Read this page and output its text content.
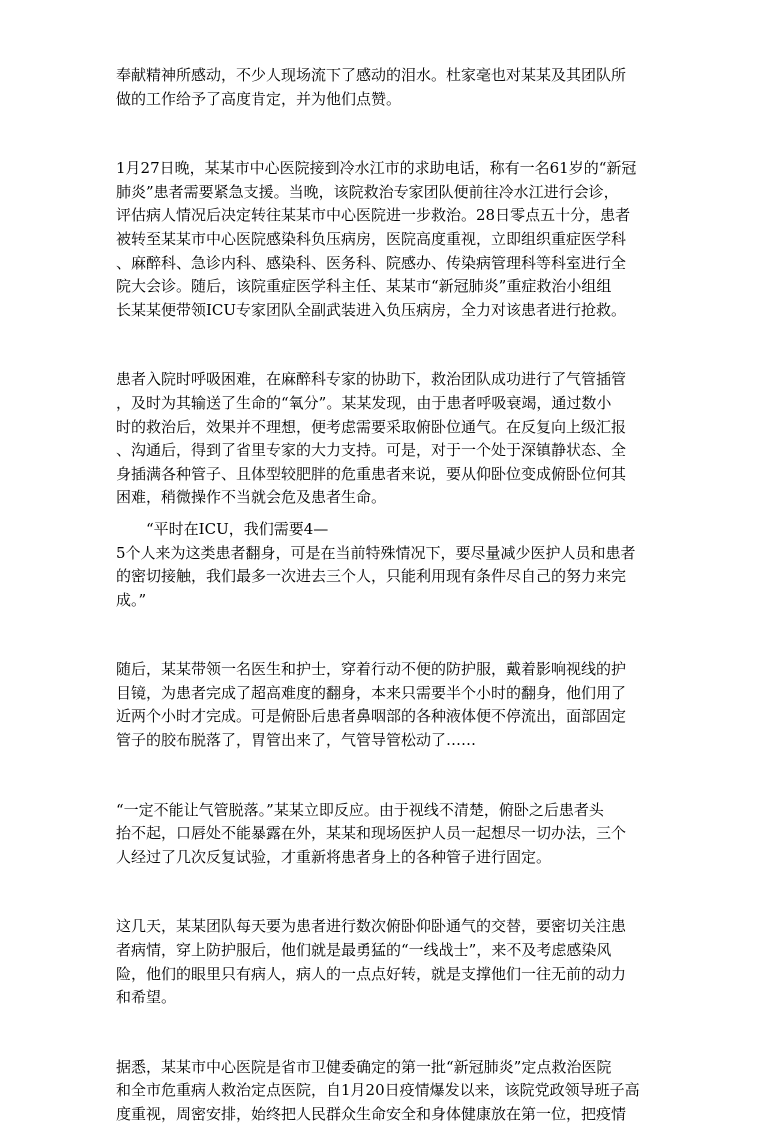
奉献精神所感动，不少人现场流下了感动的泪水。杜家毫也对某某及其团队所
做的工作给予了高度肯定，并为他们点赞。

1月27日晚，某某市中心医院接到冷水江市的求助电话，称有一名61岁的“新冠
肺炎”患者需要紧急支援。当晚，该院救治专家团队便前往冷水江进行会诊，
评估病人情况后决定转往某某市中心医院进一步救治。28日零点五十分，患者
被转至某某市中心医院感染科负压病房，医院高度重视，立即组织重症医学科
、麻醉科、急诊内科、感染科、医务科、院感办、传染病管理科等科室进行全
院大会诊。随后，该院重症医学科主任、某某市“新冠肺炎”重症救治小组组
长某某便带领ICU专家团队全副武装进入负压病房，全力对该患者进行抢救。

患者入院时呼吸困难，在麻醉科专家的协助下，救治团队成功进行了气管插管
，及时为其输送了生命的“氧分”。某某发现，由于患者呼吸衰竭，通过数小
时的救治后，效果并不理想，便考虑需要采取俯卧位通气。在反复向上级汇报
、沟通后，得到了省里专家的大力支持。可是，对于一个处于深镇静状态、全
身插满各种管子、且体型较肥胖的危重患者来说，要从仰卧位变成俯卧位何其
困难，稍微操作不当就会危及患者生命。

“平时在ICU，我们需要4—
5个人来为这类患者翻身，可是在当前特殊情况下，要尽量减少医护人员和患者
的密切接触，我们最多一次进去三个人，只能利用现有条件尽自己的努力来完
成。”

随后，某某带领一名医生和护士，穿着行动不便的防护服，戴着影响视线的护
目镜，为患者完成了超高难度的翻身，本来只需要半个小时的翻身，他们用了
近两个小时才完成。可是俯卧后患者鼻咽部的各种液体便不停流出，面部固定
管子的胶布脱落了，胃管出来了，气管导管松动了……

“一定不能让气管脱落。”某某立即反应。由于视线不清楚，俯卧之后患者头
抬不起，口唇处不能暴露在外，某某和现场医护人员一起想尽一切办法，三个
人经过了几次反复试验，才重新将患者身上的各种管子进行固定。

这几天，某某团队每天要为患者进行数次俯卧仰卧通气的交替，要密切关注患
者病情，穿上防护服后，他们就是最勇猛的“一线战士”，来不及考虑感染风
险，他们的眼里只有病人，病人的一点点好转，就是支撑他们一往无前的动力
和希望。

据悉，某某市中心医院是省市卫健委确定的第一批“新冠肺炎”定点救治医院
和全市危重病人救治定点医院，自1月20日疫情爆发以来，该院党政领导班子高
度重视，周密安排，始终把人民群众生命安全和身体健康放在第一位，把疫情
